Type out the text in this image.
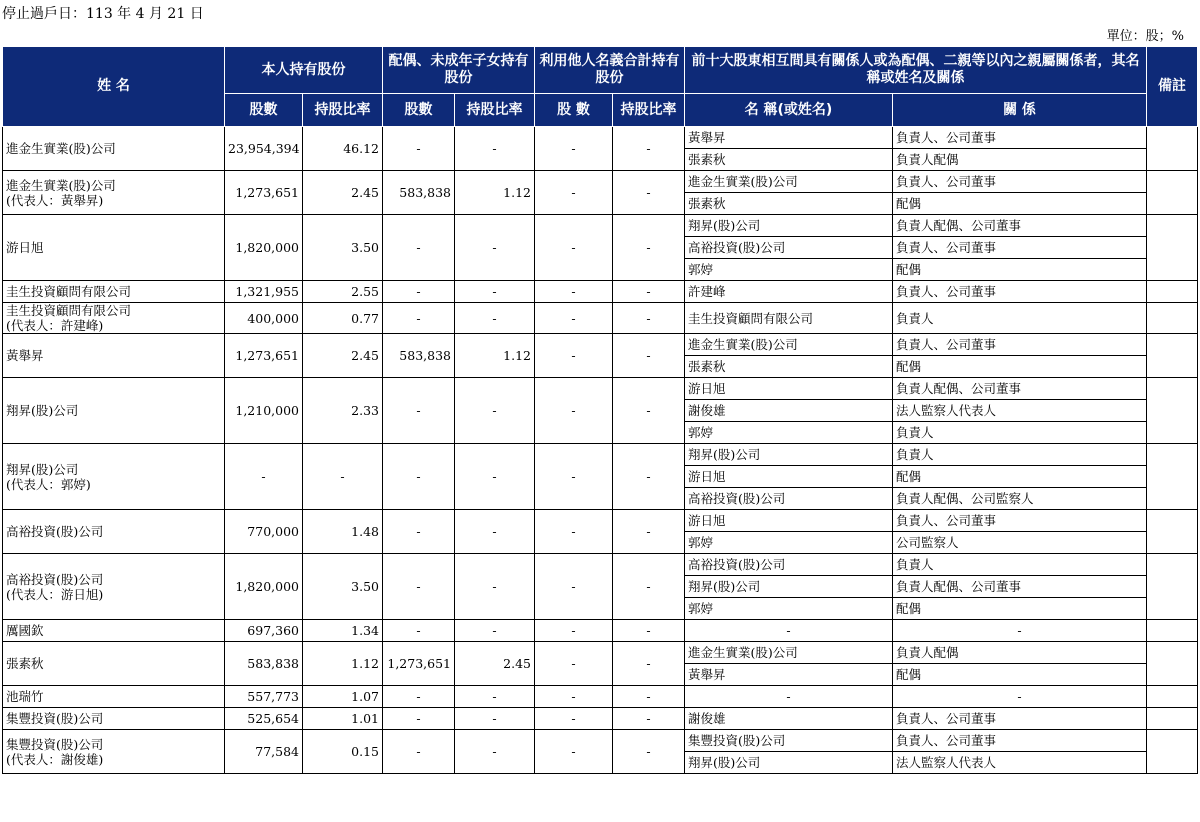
停止過戶日：113 年 4 月 21 日
單位：股；%
姓 名	本人持有股份		配偶、未成年子女持有股份		利用他人名義合計持有股份		前十大股東相互間具有關係人或為配偶、二親等以內之親屬關係者，其名稱或姓名及關係		備註
	股數	持股比率	股數	持股比率	股 數	持股比率	名 稱(或姓名)	關 係	

進金生實業(股)公司	23,954,394	46.12	-	-	-	-	黃舉昇	負責人、公司董事	
							張素秋	負責人配偶	

進金生實業(股)公司
(代表人：黃舉昇)	1,273,651	2.45	583,838	1.12	-	-	進金生實業(股)公司	負責人、公司董事	
							張素秋	配偶	

游日旭	1,820,000	3.50	-	-	-	-	翔昇(股)公司	負責人配偶、公司董事	
							高裕投資(股)公司	負責人、公司董事	
							郭婷	配偶	

圭生投資顧問有限公司	1,321,955	2.55	-	-	-	-	許建峰	負責人、公司董事	

圭生投資顧問有限公司
(代表人：許建峰)	400,000	0.77	-	-	-	-	圭生投資顧問有限公司	負責人	

黃舉昇	1,273,651	2.45	583,838	1.12	-	-	進金生實業(股)公司	負責人、公司董事	
							張素秋	配偶	

翔昇(股)公司	1,210,000	2.33	-	-	-	-	游日旭	負責人配偶、公司董事	
							謝俊雄	法人監察人代表人	
							郭婷	負責人	

翔昇(股)公司
(代表人：郭婷)	-	-	-	-	-	-	翔昇(股)公司	負責人	
							游日旭	配偶	
							高裕投資(股)公司	負責人配偶、公司監察人	

高裕投資(股)公司	770,000	1.48	-	-	-	-	游日旭	負責人、公司董事	
							郭婷	公司監察人	

高裕投資(股)公司
(代表人：游日旭)	1,820,000	3.50	-	-	-	-	高裕投資(股)公司	負責人	
							翔昇(股)公司	負責人配偶、公司董事	
							郭婷	配偶	

厲國欽	697,360	1.34	-	-	-	-	-	-	

張素秋	583,838	1.12	1,273,651	2.45	-	-	進金生實業(股)公司	負責人配偶	
							黃舉昇	配偶	

池瑞竹	557,773	1.07	-	-	-	-	-	-	

集豐投資(股)公司	525,654	1.01	-	-	-	-	謝俊雄	負責人、公司董事	

集豐投資(股)公司
(代表人：謝俊雄)	77,584	0.15	-	-	-	-	集豐投資(股)公司	負責人、公司董事	
							翔昇(股)公司	法人監察人代表人	
